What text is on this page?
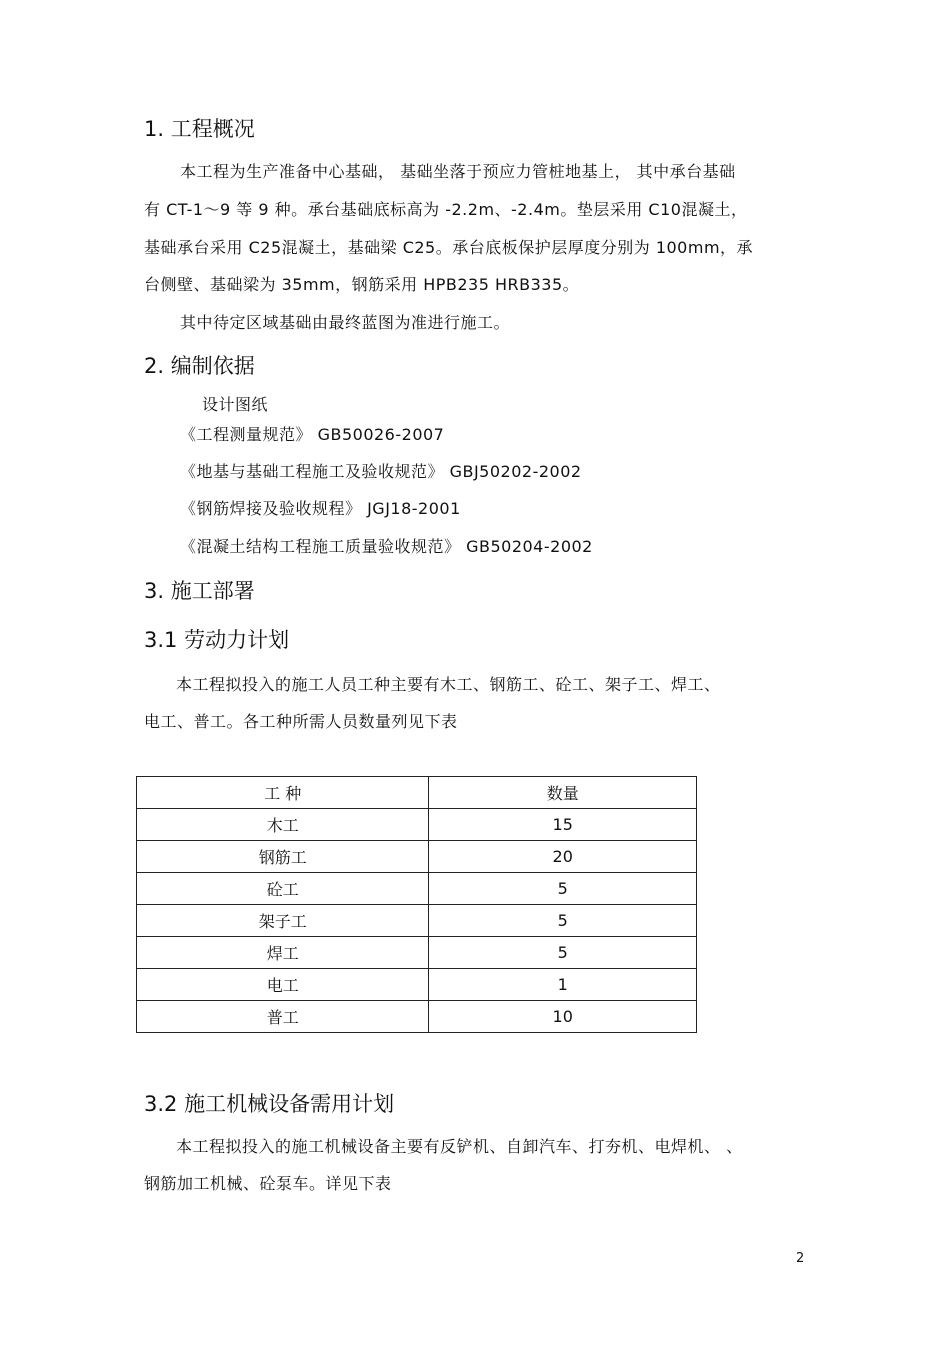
1. 工程概况
本工程为生产准备中心基础， 基础坐落于预应力管桩地基上， 其中承台基础
有 CT-1～9 等 9 种。承台基础底标高为 -2.2m、-2.4m。垫层采用 C10混凝土，
基础承台采用 C25混凝土，基础梁 C25。承台底板保护层厚度分别为 100mm，承
台侧壁、基础梁为 35mm，钢筋采用 HPB235 HRB335。
其中待定区域基础由最终蓝图为准进行施工。
2. 编制依据
设计图纸
《工程测量规范》 GB50026-2007
《地基与基础工程施工及验收规范》 GBJ50202-2002
《钢筋焊接及验收规程》 JGJ18-2001
《混凝土结构工程施工质量验收规范》 GB50204-2002
3. 施工部署
3.1 劳动力计划
本工程拟投入的施工人员工种主要有木工、钢筋工、砼工、架子工、焊工、
电工、普工。各工种所需人员数量列见下表
工 种	数量
木工	15
钢筋工	20
砼工	5
架子工	5
焊工	5
电工	1
普工	10
3.2 施工机械设备需用计划
本工程拟投入的施工机械设备主要有反铲机、自卸汽车、打夯机、电焊机、 、
钢筋加工机械、砼泵车。详见下表
2
